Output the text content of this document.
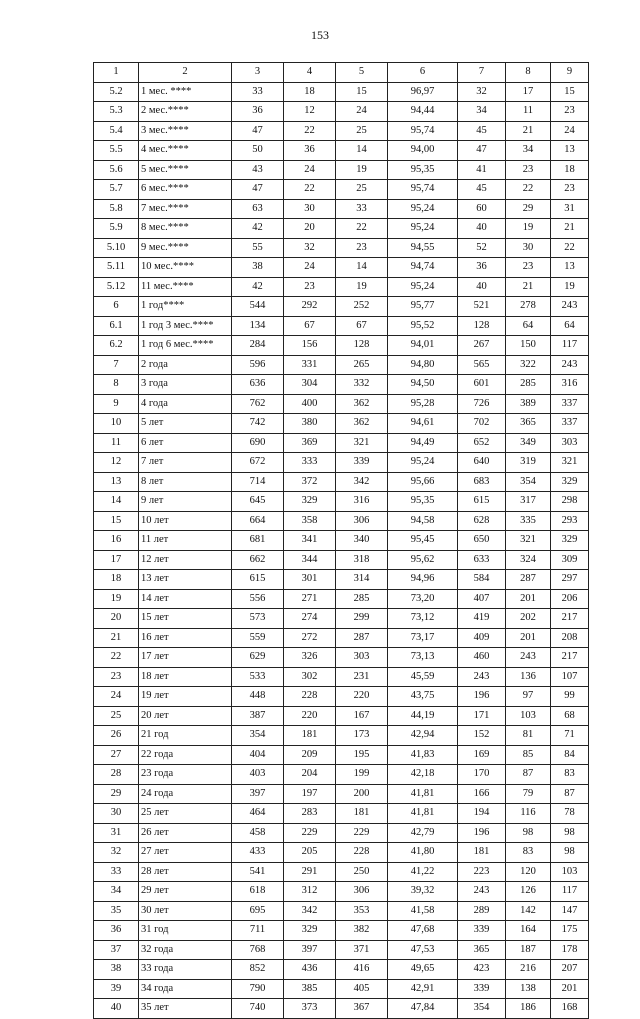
153
1	2	3	4	5	6	7	8	9
5.2	1 мес. ****	33	18	15	96,97	32	17	15
5.3	2 мес.****	36	12	24	94,44	34	11	23
5.4	3 мес.****	47	22	25	95,74	45	21	24
5.5	4 мес.****	50	36	14	94,00	47	34	13
5.6	5 мес.****	43	24	19	95,35	41	23	18
5.7	6 мес.****	47	22	25	95,74	45	22	23
5.8	7 мес.****	63	30	33	95,24	60	29	31
5.9	8 мес.****	42	20	22	95,24	40	19	21
5.10	9 мес.****	55	32	23	94,55	52	30	22
5.11	10 мес.****	38	24	14	94,74	36	23	13
5.12	11 мес.****	42	23	19	95,24	40	21	19
6	1 год****	544	292	252	95,77	521	278	243
6.1	1 год 3 мес.****	134	67	67	95,52	128	64	64
6.2	1 год 6 мес.****	284	156	128	94,01	267	150	117
7	2 года	596	331	265	94,80	565	322	243
8	3 года	636	304	332	94,50	601	285	316
9	4 года	762	400	362	95,28	726	389	337
10	5 лет	742	380	362	94,61	702	365	337
11	6 лет	690	369	321	94,49	652	349	303
12	7 лет	672	333	339	95,24	640	319	321
13	8 лет	714	372	342	95,66	683	354	329
14	9 лет	645	329	316	95,35	615	317	298
15	10 лет	664	358	306	94,58	628	335	293
16	11 лет	681	341	340	95,45	650	321	329
17	12 лет	662	344	318	95,62	633	324	309
18	13 лет	615	301	314	94,96	584	287	297
19	14 лет	556	271	285	73,20	407	201	206
20	15 лет	573	274	299	73,12	419	202	217
21	16 лет	559	272	287	73,17	409	201	208
22	17 лет	629	326	303	73,13	460	243	217
23	18 лет	533	302	231	45,59	243	136	107
24	19 лет	448	228	220	43,75	196	97	99
25	20 лет	387	220	167	44,19	171	103	68
26	21 год	354	181	173	42,94	152	81	71
27	22 года	404	209	195	41,83	169	85	84
28	23 года	403	204	199	42,18	170	87	83
29	24 года	397	197	200	41,81	166	79	87
30	25 лет	464	283	181	41,81	194	116	78
31	26 лет	458	229	229	42,79	196	98	98
32	27 лет	433	205	228	41,80	181	83	98
33	28 лет	541	291	250	41,22	223	120	103
34	29 лет	618	312	306	39,32	243	126	117
35	30 лет	695	342	353	41,58	289	142	147
36	31 год	711	329	382	47,68	339	164	175
37	32 года	768	397	371	47,53	365	187	178
38	33 года	852	436	416	49,65	423	216	207
39	34 года	790	385	405	42,91	339	138	201
40	35 лет	740	373	367	47,84	354	186	168
